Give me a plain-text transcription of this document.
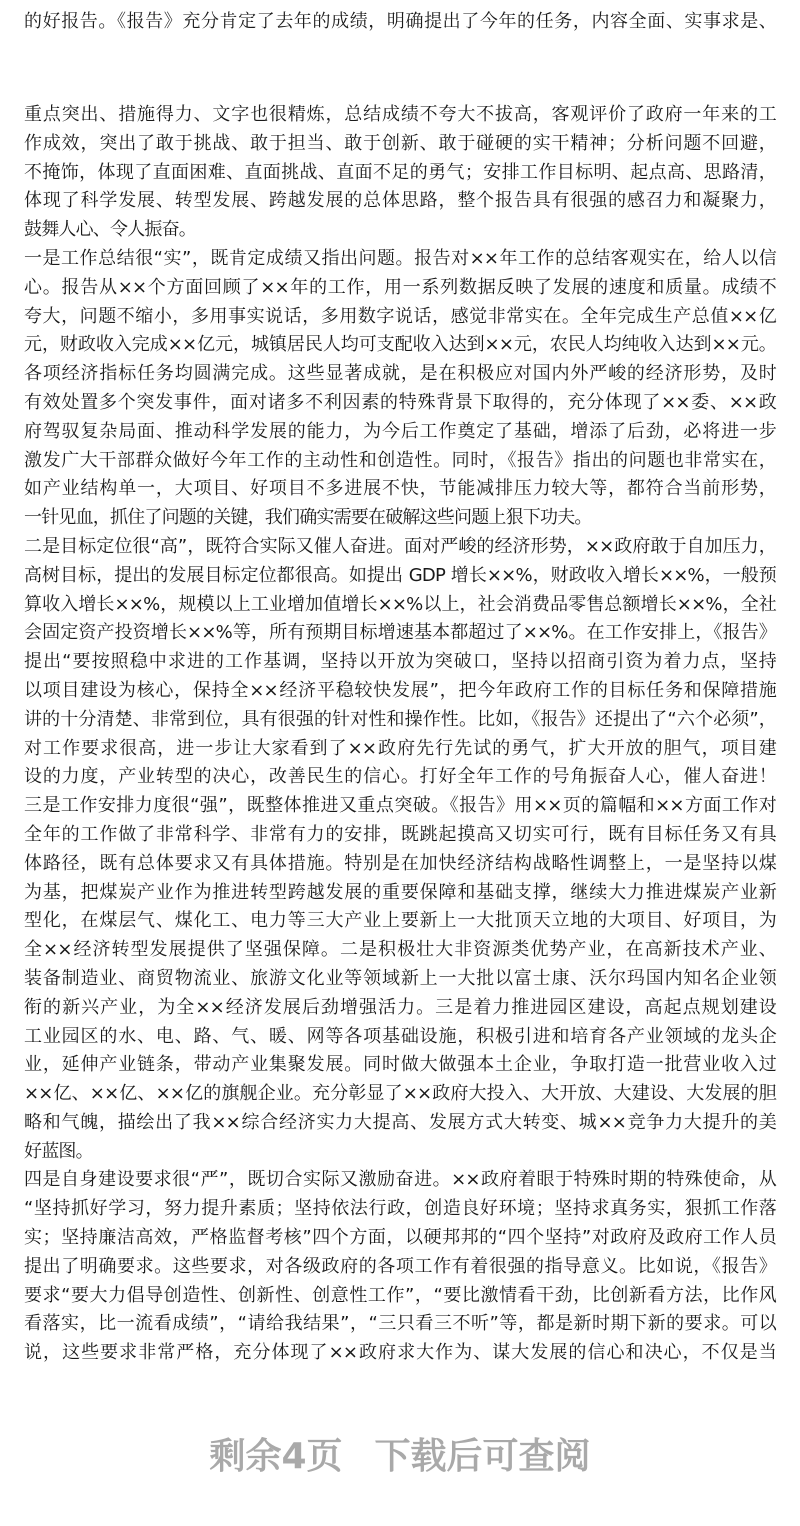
的好报告。《报告》充分肯定了去年的成绩，明确提出了今年的任务，内容全面、实事求是、
重点突出、措施得力、文字也很精炼，总结成绩不夸大不拔高，客观评价了政府一年来的工
作成效，突出了敢于挑战、敢于担当、敢于创新、敢于碰硬的实干精神；分析问题不回避，
不掩饰，体现了直面困难、直面挑战、直面不足的勇气；安排工作目标明、起点高、思路清，
体现了科学发展、转型发展、跨越发展的总体思路，整个报告具有很强的感召力和凝聚力，
鼓舞人心、令人振奋。
一是工作总结很“实”，既肯定成绩又指出问题。报告对××年工作的总结客观实在，给人以信
心。报告从××个方面回顾了××年的工作，用一系列数据反映了发展的速度和质量。成绩不
夸大，问题不缩小，多用事实说话，多用数字说话，感觉非常实在。全年完成生产总值××亿
元，财政收入完成××亿元，城镇居民人均可支配收入达到××元，农民人均纯收入达到××元。
各项经济指标任务均圆满完成。这些显著成就，是在积极应对国内外严峻的经济形势，及时
有效处置多个突发事件，面对诸多不利因素的特殊背景下取得的，充分体现了××委、××政
府驾驭复杂局面、推动科学发展的能力，为今后工作奠定了基础，增添了后劲，必将进一步
激发广大干部群众做好今年工作的主动性和创造性。同时，《报告》指出的问题也非常实在，
如产业结构单一，大项目、好项目不多进展不快，节能减排压力较大等，都符合当前形势，
一针见血，抓住了问题的关键，我们确实需要在破解这些问题上狠下功夫。
二是目标定位很“高”，既符合实际又催人奋进。面对严峻的经济形势，××政府敢于自加压力，
高树目标，提出的发展目标定位都很高。如提出 GDP 增长××%，财政收入增长××%，一般预
算收入增长××%，规模以上工业增加值增长××%以上，社会消费品零售总额增长××%，全社
会固定资产投资增长××%等，所有预期目标增速基本都超过了××%。在工作安排上，《报告》
提出“要按照稳中求进的工作基调，坚持以开放为突破口，坚持以招商引资为着力点，坚持
以项目建设为核心，保持全××经济平稳较快发展”，把今年政府工作的目标任务和保障措施
讲的十分清楚、非常到位，具有很强的针对性和操作性。比如，《报告》还提出了“六个必须”，
对工作要求很高，进一步让大家看到了××政府先行先试的勇气，扩大开放的胆气，项目建
设的力度，产业转型的决心，改善民生的信心。打好全年工作的号角振奋人心，催人奋进！
三是工作安排力度很“强”，既整体推进又重点突破。《报告》用××页的篇幅和××方面工作对
全年的工作做了非常科学、非常有力的安排，既跳起摸高又切实可行，既有目标任务又有具
体路径，既有总体要求又有具体措施。特别是在加快经济结构战略性调整上，一是坚持以煤
为基，把煤炭产业作为推进转型跨越发展的重要保障和基础支撑，继续大力推进煤炭产业新
型化，在煤层气、煤化工、电力等三大产业上要新上一大批顶天立地的大项目、好项目，为
全××经济转型发展提供了坚强保障。二是积极壮大非资源类优势产业，在高新技术产业、
装备制造业、商贸物流业、旅游文化业等领域新上一大批以富士康、沃尔玛国内知名企业领
衔的新兴产业，为全××经济发展后劲增强活力。三是着力推进园区建设，高起点规划建设
工业园区的水、电、路、气、暖、网等各项基础设施，积极引进和培育各产业领域的龙头企
业，延伸产业链条，带动产业集聚发展。同时做大做强本土企业，争取打造一批营业收入过
××亿、××亿、××亿的旗舰企业。充分彰显了××政府大投入、大开放、大建设、大发展的胆
略和气魄，描绘出了我××综合经济实力大提高、发展方式大转变、城××竞争力大提升的美
好蓝图。
四是自身建设要求很“严”，既切合实际又激励奋进。××政府着眼于特殊时期的特殊使命，从
“坚持抓好学习，努力提升素质；坚持依法行政，创造良好环境；坚持求真务实，狠抓工作落
实；坚持廉洁高效，严格监督考核”四个方面，以硬邦邦的“四个坚持”对政府及政府工作人员
提出了明确要求。这些要求，对各级政府的各项工作有着很强的指导意义。比如说，《报告》
要求“要大力倡导创造性、创新性、创意性工作”，“要比激情看干劲，比创新看方法，比作风
看落实，比一流看成绩”，“请给我结果”，“三只看三不听”等，都是新时期下新的要求。可以
说，这些要求非常严格，充分体现了××政府求大作为、谋大发展的信心和决心，不仅是当
剩余4页 下载后可查阅
